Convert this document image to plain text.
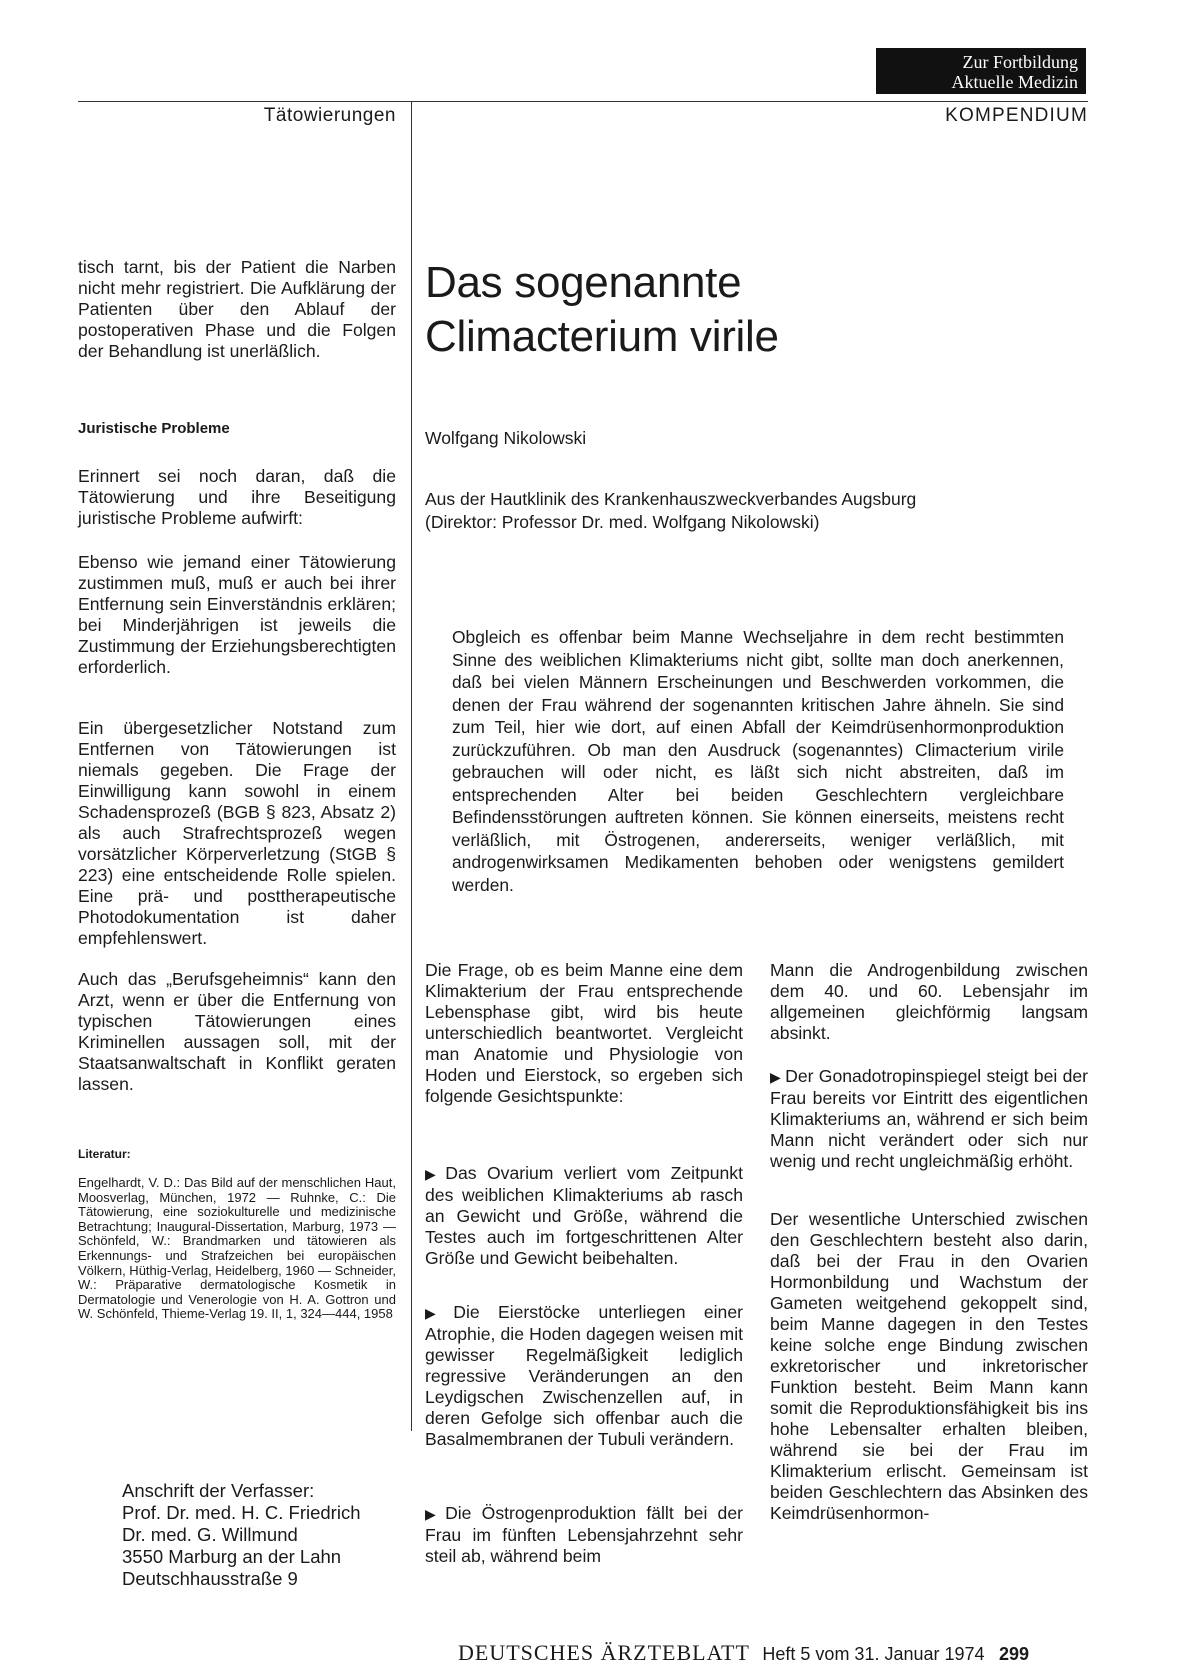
Zur Fortbildung
Aktuelle Medizin
Tätowierungen	KOMPENDIUM
tisch tarnt, bis der Patient die Narben nicht mehr registriert. Die Aufklärung der Patienten über den Ablauf der postoperativen Phase und die Folgen der Behandlung ist unerläßlich.
Juristische Probleme
Erinnert sei noch daran, daß die Tätowierung und ihre Beseitigung juristische Probleme aufwirft:
Ebenso wie jemand einer Tätowierung zustimmen muß, muß er auch bei ihrer Entfernung sein Einverständnis erklären; bei Minderjährigen ist jeweils die Zustimmung der Erziehungsberechtigten erforderlich.
Ein übergesetzlicher Notstand zum Entfernen von Tätowierungen ist niemals gegeben. Die Frage der Einwilligung kann sowohl in einem Schadensprozeß (BGB § 823, Absatz 2) als auch Strafrechtsprozeß wegen vorsätzlicher Körperverletzung (StGB § 223) eine entscheidende Rolle spielen. Eine prä- und posttherapeutische Photodokumentation ist daher empfehlenswert.
Auch das „Berufsgeheimnis“ kann den Arzt, wenn er über die Entfernung von typischen Tätowierungen eines Kriminellen aussagen soll, mit der Staatsanwaltschaft in Konflikt geraten lassen.
Literatur:
Engelhardt, V. D.: Das Bild auf der menschlichen Haut, Moosverlag, München, 1972 — Ruhnke, C.: Die Tätowierung, eine soziokulturelle und medizinische Betrachtung; Inaugural-Dissertation, Marburg, 1973 — Schönfeld, W.: Brandmarken und tätowieren als Erkennungs- und Strafzeichen bei europäischen Völkern, Hüthig-Verlag, Heidelberg, 1960 — Schneider, W.: Präparative dermatologische Kosmetik in Dermatologie und Venerologie von H. A. Gottron und W. Schönfeld, Thieme-Verlag 19. II, 1, 324—444, 1958
Anschrift der Verfasser:
Prof. Dr. med. H. C. Friedrich
Dr. med. G. Willmund
3550 Marburg an der Lahn
Deutschhausstraße 9
Das sogenannte
Climacterium virile
Wolfgang Nikolowski
Aus der Hautklinik des Krankenhauszweckverbandes Augsburg
(Direktor: Professor Dr. med. Wolfgang Nikolowski)
Obgleich es offenbar beim Manne Wechseljahre in dem recht bestimmten Sinne des weiblichen Klimakteriums nicht gibt, sollte man doch anerkennen, daß bei vielen Männern Erscheinungen und Beschwerden vorkommen, die denen der Frau während der sogenannten kritischen Jahre ähneln. Sie sind zum Teil, hier wie dort, auf einen Abfall der Keimdrüsenhormonproduktion zurückzuführen. Ob man den Ausdruck (sogenanntes) Climacterium virile gebrauchen will oder nicht, es läßt sich nicht abstreiten, daß im entsprechenden Alter bei beiden Geschlechtern vergleichbare Befindensstörungen auftreten können. Sie können einerseits, meistens recht verläßlich, mit Östrogenen, andererseits, weniger verläßlich, mit androgenwirksamen Medikamenten behoben oder wenigstens gemildert werden.
Die Frage, ob es beim Manne eine dem Klimakterium der Frau entsprechende Lebensphase gibt, wird bis heute unterschiedlich beantwortet. Vergleicht man Anatomie und Physiologie von Hoden und Eierstock, so ergeben sich folgende Gesichtspunkte:
▶ Das Ovarium verliert vom Zeitpunkt des weiblichen Klimakteriums ab rasch an Gewicht und Größe, während die Testes auch im fortgeschrittenen Alter Größe und Gewicht beibehalten.
▶ Die Eierstöcke unterliegen einer Atrophie, die Hoden dagegen weisen mit gewisser Regelmäßigkeit lediglich regressive Veränderungen an den Leydigschen Zwischenzellen auf, in deren Gefolge sich offenbar auch die Basalmembranen der Tubuli verändern.
▶ Die Östrogenproduktion fällt bei der Frau im fünften Lebensjahrzehnt sehr steil ab, während beim
Mann die Androgenbildung zwischen dem 40. und 60. Lebensjahr im allgemeinen gleichförmig langsam absinkt.
▶ Der Gonadotropinspiegel steigt bei der Frau bereits vor Eintritt des eigentlichen Klimakteriums an, während er sich beim Mann nicht verändert oder sich nur wenig und recht ungleichmäßig erhöht.
Der wesentliche Unterschied zwischen den Geschlechtern besteht also darin, daß bei der Frau in den Ovarien Hormonbildung und Wachstum der Gameten weitgehend gekoppelt sind, beim Manne dagegen in den Testes keine solche enge Bindung zwischen exkretorischer und inkretorischer Funktion besteht. Beim Mann kann somit die Reproduktionsfähigkeit bis ins hohe Lebensalter erhalten bleiben, während sie bei der Frau im Klimakterium erlischt. Gemeinsam ist beiden Geschlechtern das Absinken des Keimdrüsenhormon-
DEUTSCHES ÄRZTEBLATT Heft 5 vom 31. Januar 1974 299
